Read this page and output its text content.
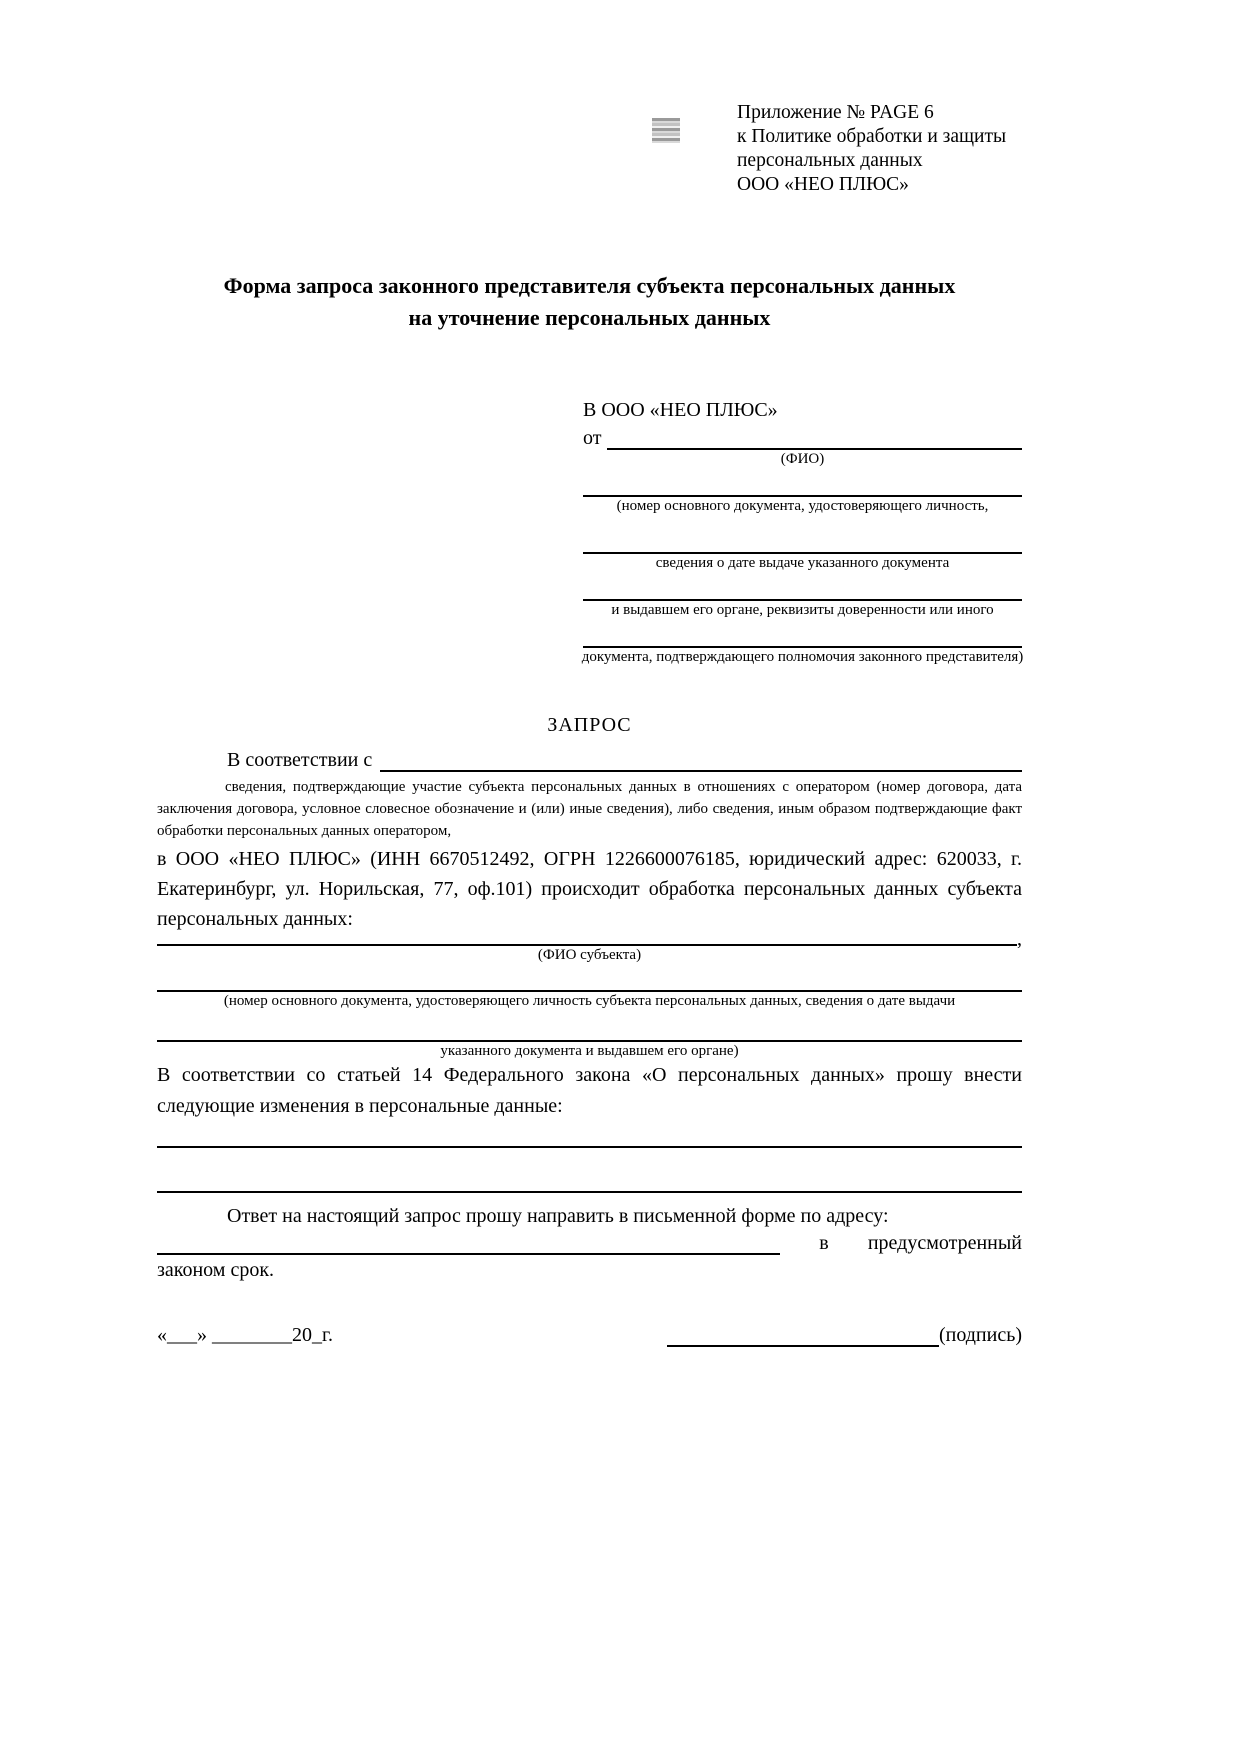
Приложение № PAGE 6
к Политике обработки и защиты
персональных данных
ООО «НЕО ПЛЮС»
Форма запроса законного представителя субъекта персональных данных
на уточнение персональных данных
В ООО «НЕО ПЛЮС»
от
(ФИО)
(номер основного документа, удостоверяющего личность,
сведения о дате выдаче указанного документа
и выдавшем его органе, реквизиты доверенности или иного
документа, подтверждающего полномочия законного представителя)
ЗАПРОС
В соответствии с
сведения, подтверждающие участие субъекта персональных данных в отношениях с оператором (номер договора, дата заключения договора, условное словесное обозначение и (или) иные сведения), либо сведения, иным образом подтверждающие факт обработки персональных данных оператором,
в ООО «НЕО ПЛЮС» (ИНН 6670512492, ОГРН 1226600076185, юридический адрес: 620033, г. Екатеринбург, ул. Норильская, 77, оф.101) происходит обработка персональных данных субъекта персональных данных:
,
(ФИО субъекта)
(номер основного документа, удостоверяющего личность субъекта персональных данных, сведения о дате выдачи
указанного документа и выдавшем его органе)
В соответствии со статьей 14 Федерального закона «О персональных данных» прошу внести следующие изменения в персональные данные:
Ответ на настоящий запрос прошу направить в письменной форме по адресу:
в предусмотренный
законом срок.
«___» ________20_г.	(подпись)
